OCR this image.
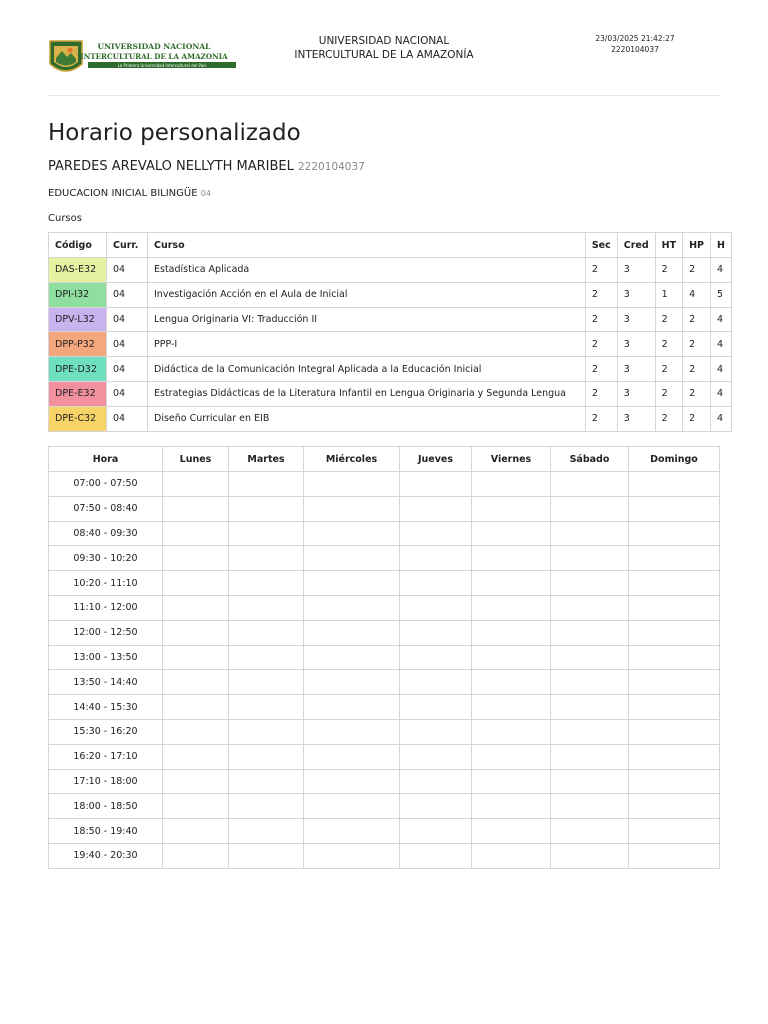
UNIVERSIDAD NACIONAL
INTERCULTURAL DE LA AMAZONIA
La Primera Universidad Intercultural del País
UNIVERSIDAD NACIONAL
INTERCULTURAL DE LA AMAZONÍA
23/03/2025 21:42:27
2220104037
Horario personalizado
PAREDES AREVALO NELLYTH MARIBEL 2220104037
EDUCACION INICIAL BILINGÜE 04
Cursos
Código	Curr.	Curso	Sec	Cred	HT	HP	H
DAS-E32	04	Estadística Aplicada	2	3	2	2	4
DPI-I32	04	Investigación Acción en el Aula de Inicial	2	3	1	4	5
DPV-L32	04	Lengua Originaria VI: Traducción II	2	3	2	2	4
DPP-P32	04	PPP-I	2	3	2	2	4
DPE-D32	04	Didáctica de la Comunicación Integral Aplicada a la Educación Inicial	2	3	2	2	4
DPE-E32	04	Estrategias Didácticas de la Literatura Infantil en Lengua Originaria y Segunda Lengua	2	3	2	2	4
DPE-C32	04	Diseño Curricular en EIB	2	3	2	2	4
Hora	Lunes	Martes	Miércoles	Jueves	Viernes	Sábado	Domingo
07:00 - 07:50							
07:50 - 08:40							
08:40 - 09:30							
09:30 - 10:20							
10:20 - 11:10							
11:10 - 12:00							
12:00 - 12:50							
13:00 - 13:50							
13:50 - 14:40							
14:40 - 15:30							
15:30 - 16:20							
16:20 - 17:10							
17:10 - 18:00							
18:00 - 18:50							
18:50 - 19:40							
19:40 - 20:30							
